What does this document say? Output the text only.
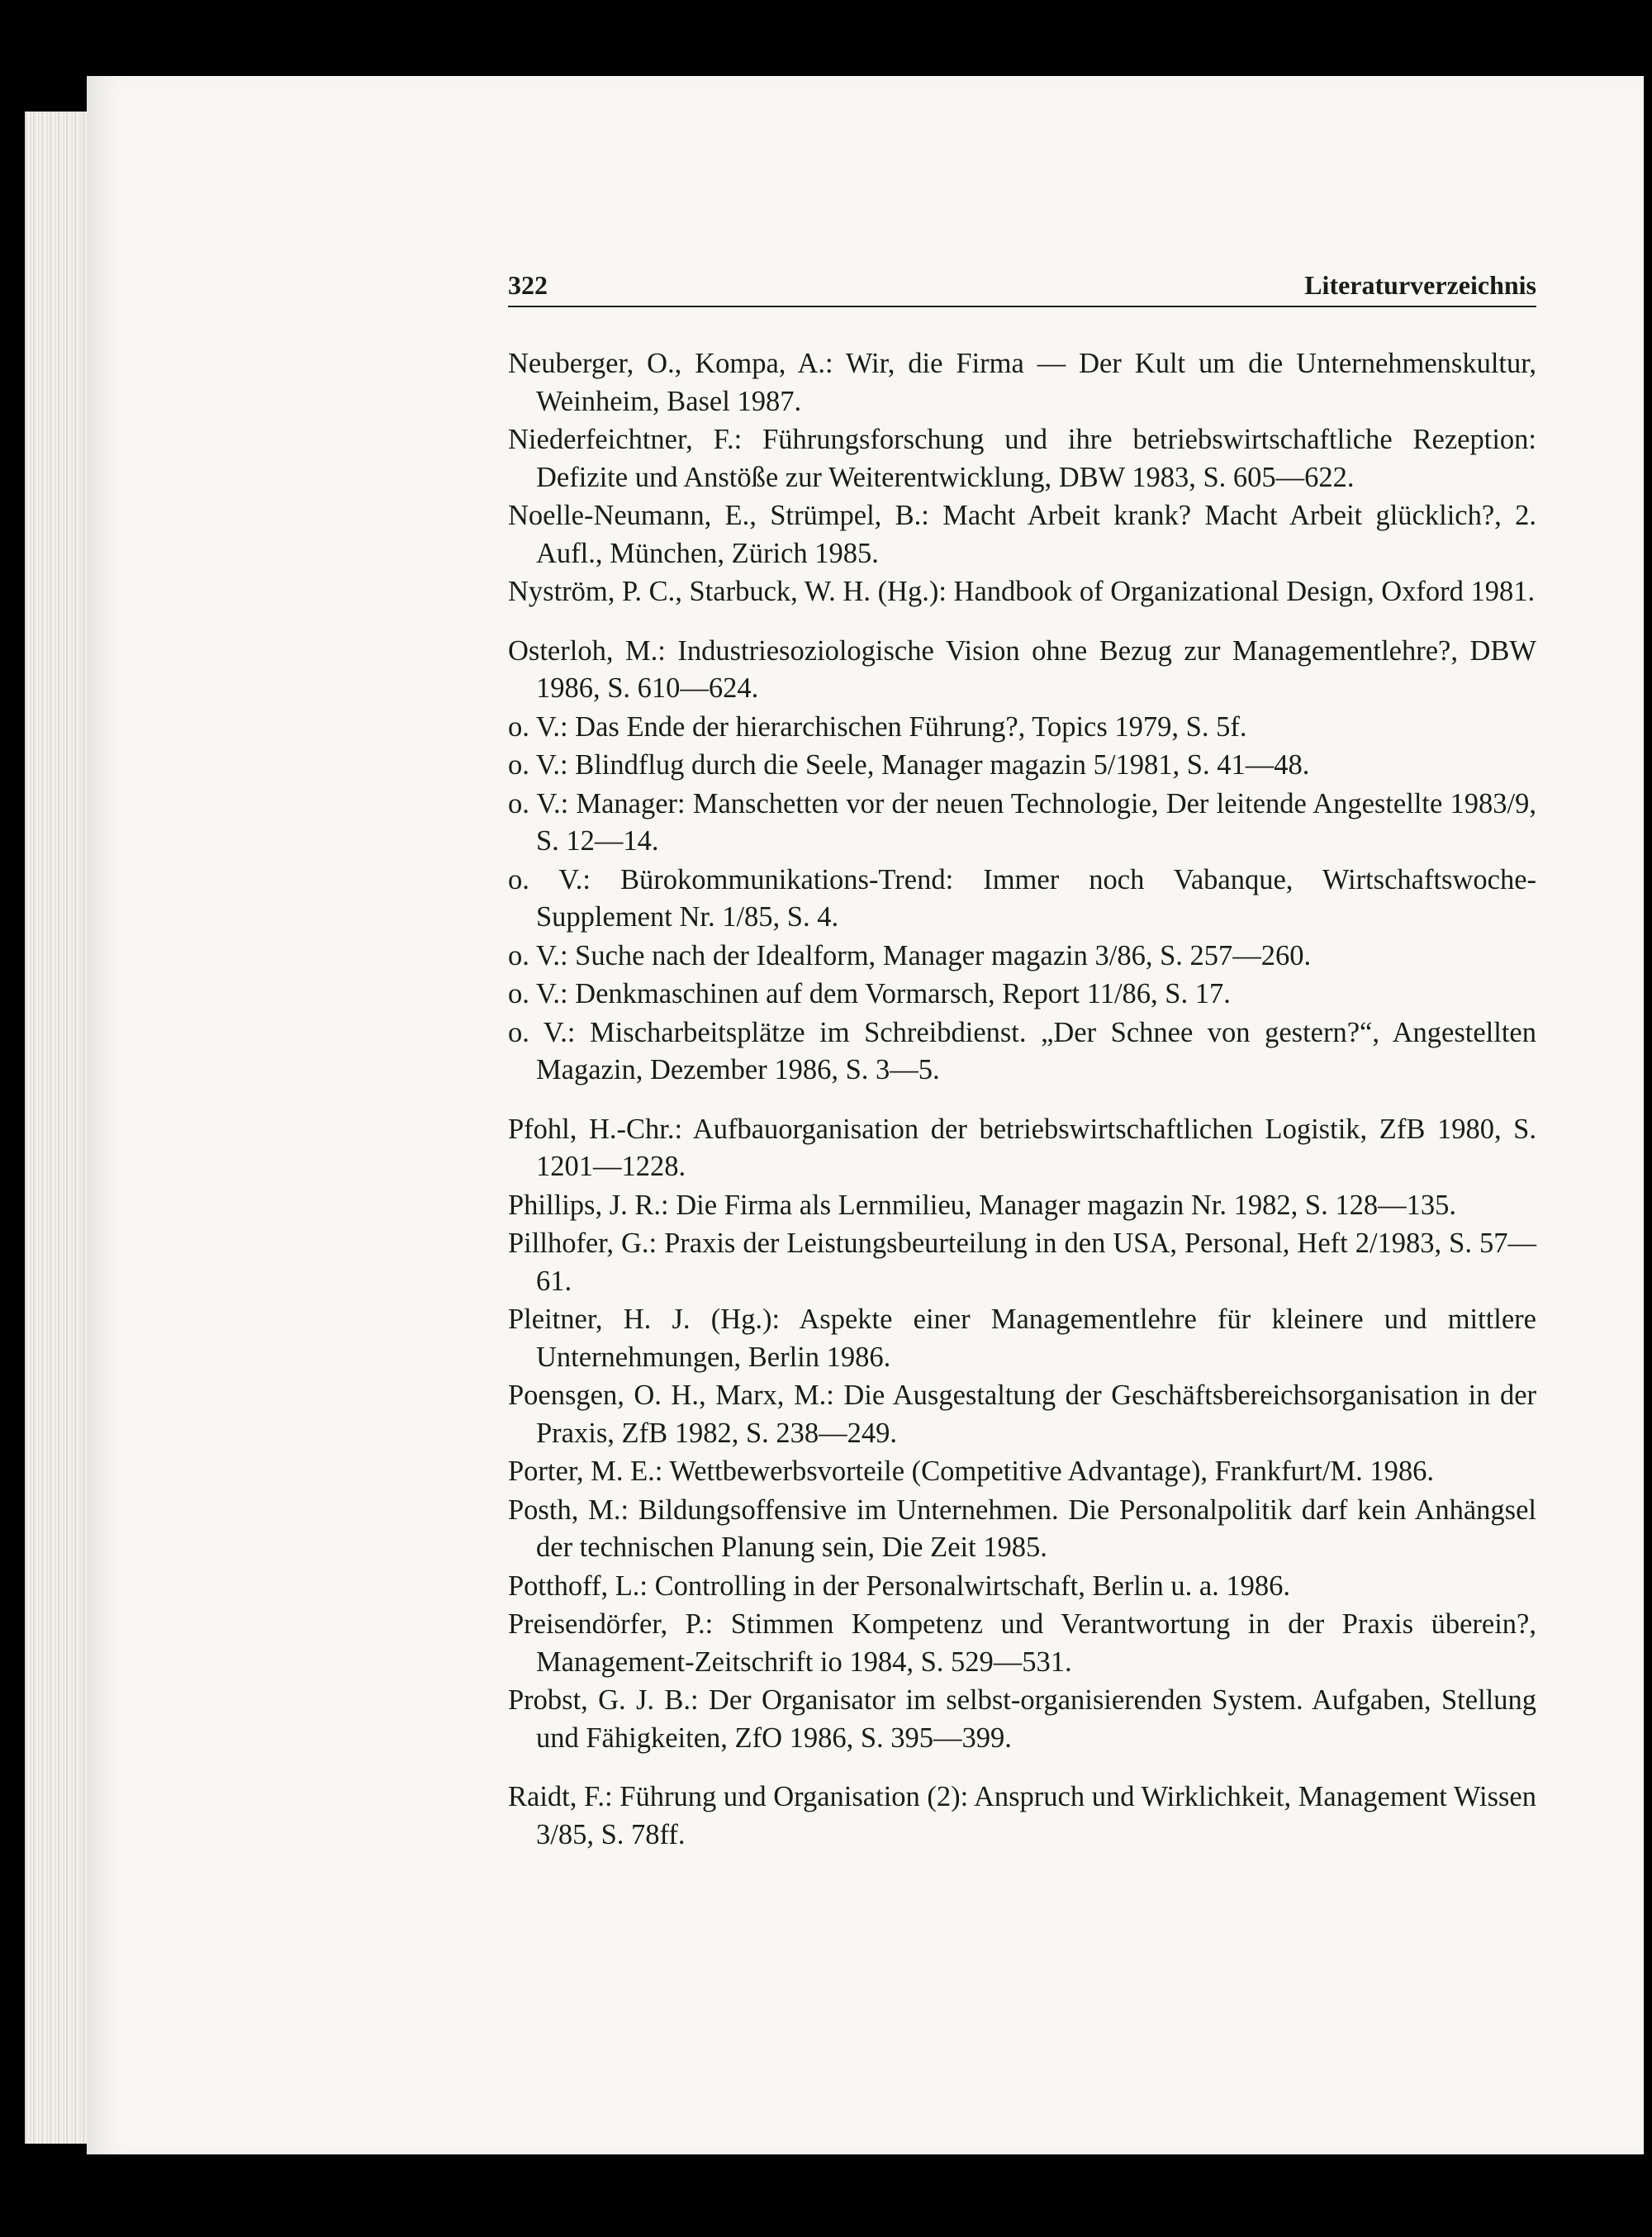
322	Literaturverzeichnis
Neuberger, O., Kompa, A.: Wir, die Firma — Der Kult um die Unternehmenskultur, Weinheim, Basel 1987.
Niederfeichtner, F.: Führungsforschung und ihre betriebswirtschaftliche Rezeption: Defizite und Anstöße zur Weiterentwicklung, DBW 1983, S. 605—622.
Noelle-Neumann, E., Strümpel, B.: Macht Arbeit krank? Macht Arbeit glücklich?, 2. Aufl., München, Zürich 1985.
Nyström, P. C., Starbuck, W. H. (Hg.): Handbook of Organizational Design, Oxford 1981.
Osterloh, M.: Industriesoziologische Vision ohne Bezug zur Managementlehre?, DBW 1986, S. 610—624.
o. V.: Das Ende der hierarchischen Führung?, Topics 1979, S. 5f.
o. V.: Blindflug durch die Seele, Manager magazin 5/1981, S. 41—48.
o. V.: Manager: Manschetten vor der neuen Technologie, Der leitende Angestellte 1983/9, S. 12—14.
o. V.: Bürokommunikations-Trend: Immer noch Vabanque, Wirtschaftswoche-Supplement Nr. 1/85, S. 4.
o. V.: Suche nach der Idealform, Manager magazin 3/86, S. 257—260.
o. V.: Denkmaschinen auf dem Vormarsch, Report 11/86, S. 17.
o. V.: Mischarbeitsplätze im Schreibdienst. „Der Schnee von gestern?“, Angestellten Magazin, Dezember 1986, S. 3—5.
Pfohl, H.-Chr.: Aufbauorganisation der betriebswirtschaftlichen Logistik, ZfB 1980, S. 1201—1228.
Phillips, J. R.: Die Firma als Lernmilieu, Manager magazin Nr. 1982, S. 128—135.
Pillhofer, G.: Praxis der Leistungsbeurteilung in den USA, Personal, Heft 2/1983, S. 57—61.
Pleitner, H. J. (Hg.): Aspekte einer Managementlehre für kleinere und mittlere Unternehmungen, Berlin 1986.
Poensgen, O. H., Marx, M.: Die Ausgestaltung der Geschäftsbereichsorganisation in der Praxis, ZfB 1982, S. 238—249.
Porter, M. E.: Wettbewerbsvorteile (Competitive Advantage), Frankfurt/M. 1986.
Posth, M.: Bildungsoffensive im Unternehmen. Die Personalpolitik darf kein Anhängsel der technischen Planung sein, Die Zeit 1985.
Potthoff, L.: Controlling in der Personalwirtschaft, Berlin u. a. 1986.
Preisendörfer, P.: Stimmen Kompetenz und Verantwortung in der Praxis überein?, Management-Zeitschrift io 1984, S. 529—531.
Probst, G. J. B.: Der Organisator im selbst-organisierenden System. Aufgaben, Stellung und Fähigkeiten, ZfO 1986, S. 395—399.
Raidt, F.: Führung und Organisation (2): Anspruch und Wirklichkeit, Management Wissen 3/85, S. 78ff.
